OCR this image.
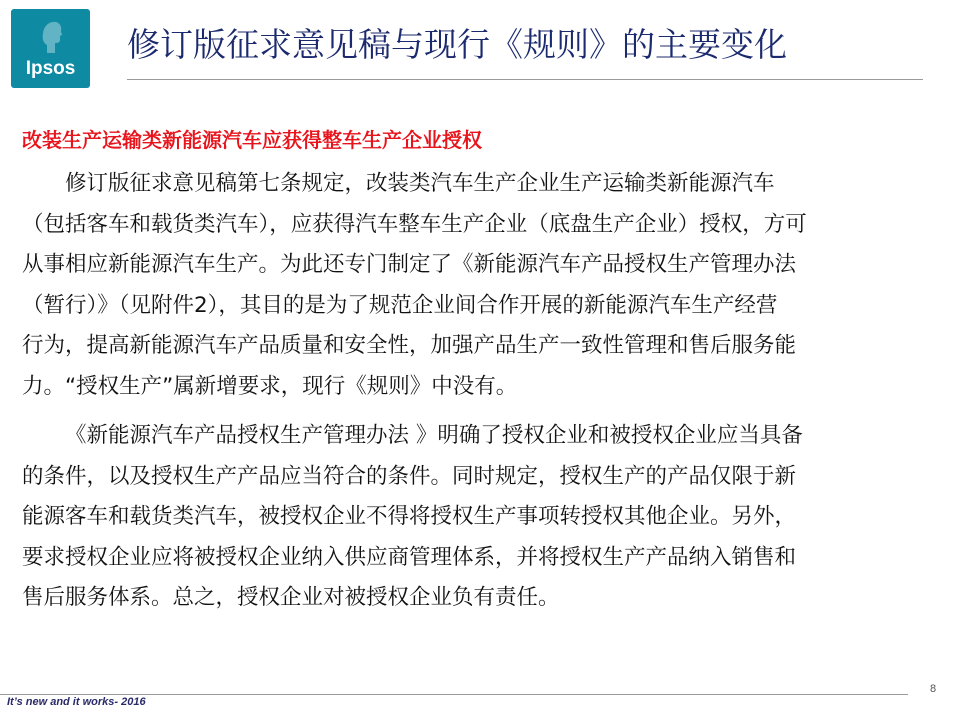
Ipsos
修订版征求意见稿与现行《规则》的主要变化
改装生产运输类新能源汽车应获得整车生产企业授权

修订版征求意见稿第七条规定，改装类汽车生产企业生产运输类新能源汽车
（包括客车和载货类汽车），应获得汽车整车生产企业（底盘生产企业）授权，方可
从事相应新能源汽车生产。为此还专门制定了《新能源汽车产品授权生产管理办法
（暂行）》（见附件2），其目的是为了规范企业间合作开展的新能源汽车生产经营
行为，提高新能源汽车产品质量和安全性，加强产品生产一致性管理和售后服务能
力。“授权生产”属新增要求，现行《规则》中没有。

《新能源汽车产品授权生产管理办法 》明确了授权企业和被授权企业应当具备
的条件，以及授权生产产品应当符合的条件。同时规定，授权生产的产品仅限于新
能源客车和载货类汽车，被授权企业不得将授权生产事项转授权其他企业。另外，
要求授权企业应将被授权企业纳入供应商管理体系，并将授权生产产品纳入销售和
售后服务体系。总之，授权企业对被授权企业负有责任。

It’s new and it works- 2016
8
